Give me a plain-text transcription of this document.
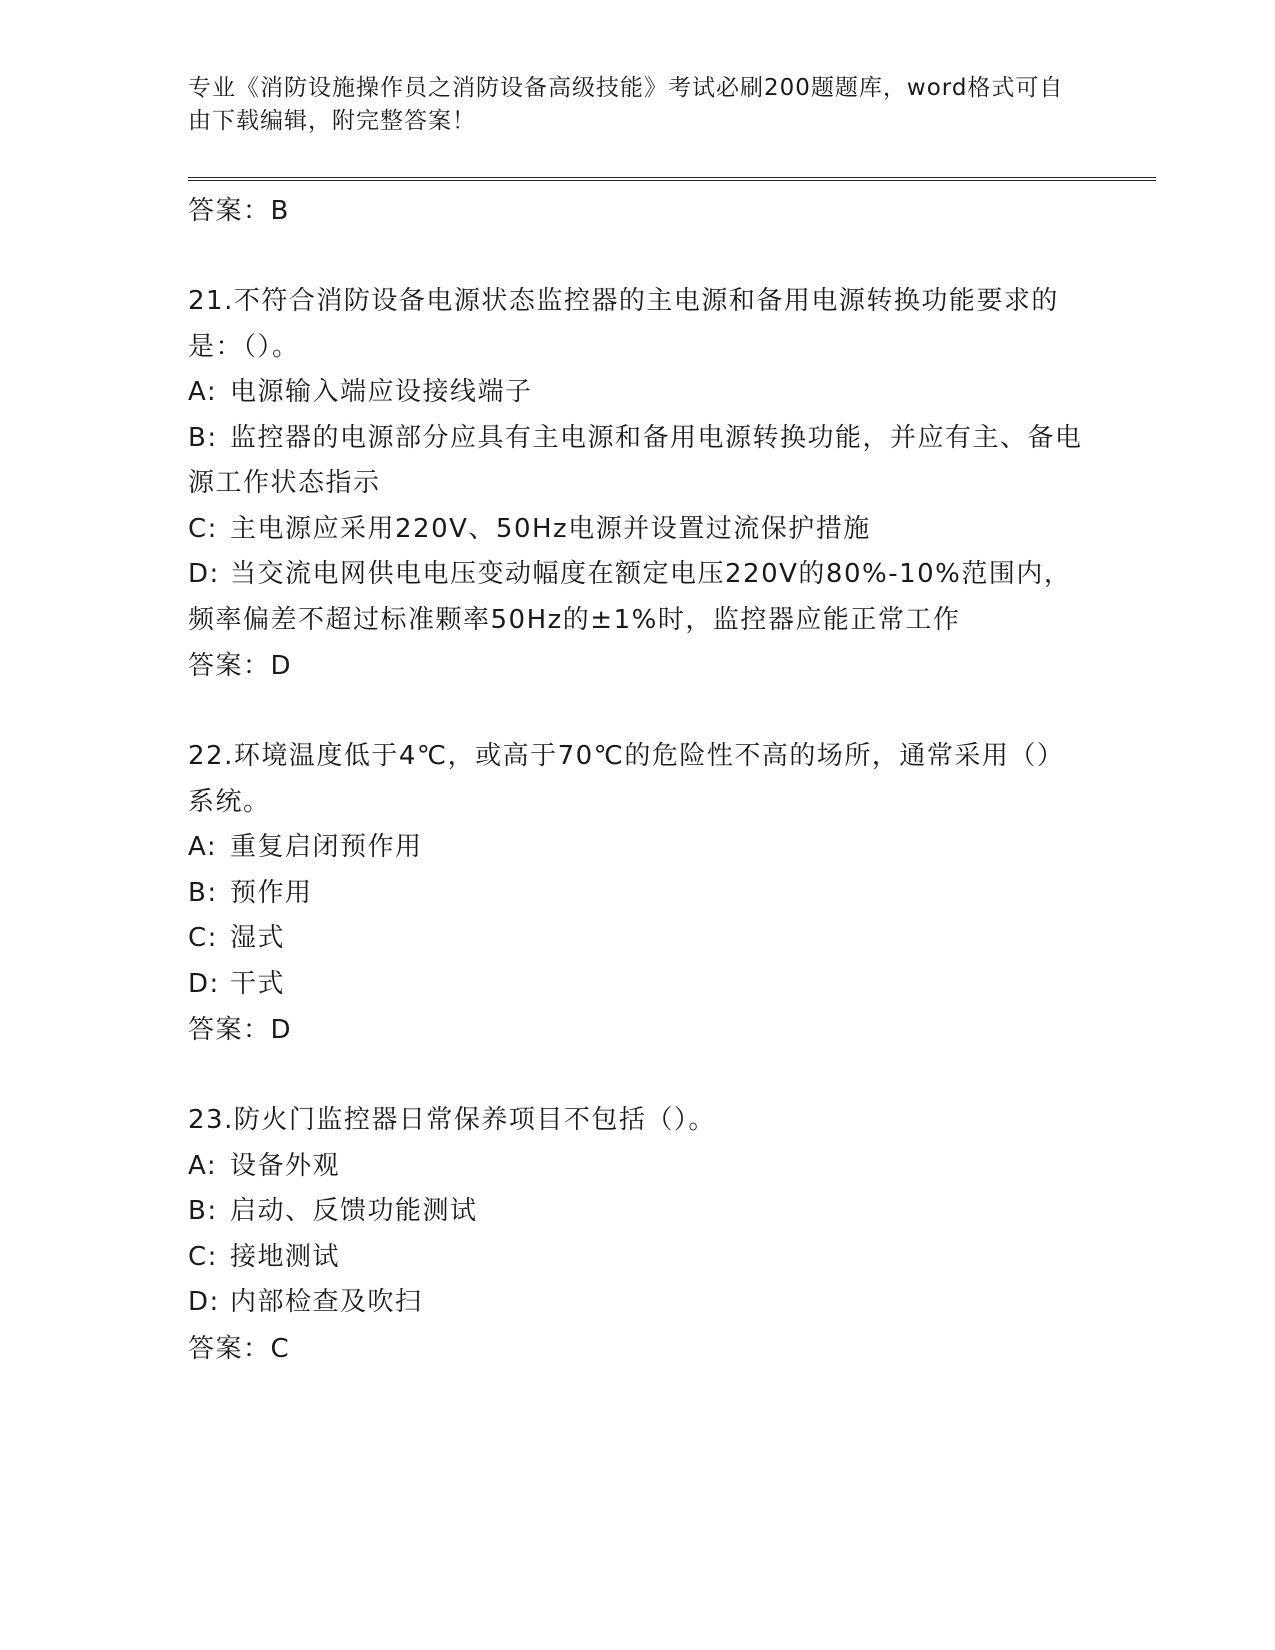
专业《消防设施操作员之消防设备高级技能》考试必刷200题题库，word格式可自由下载编辑，附完整答案！
答案：B
21.不符合消防设备电源状态监控器的主电源和备用电源转换功能要求的是：（）。
A: 电源输入端应设接线端子
B: 监控器的电源部分应具有主电源和备用电源转换功能，并应有主、备电源工作状态指示
C: 主电源应采用220V、50Hz电源并设置过流保护措施
D: 当交流电网供电电压变动幅度在额定电压220V的80%-10%范围内，频率偏差不超过标准颗率50Hz的±1%时，监控器应能正常工作
答案：D
22.环境温度低于4℃，或高于70℃的危险性不高的场所，通常采用（）系统。
A: 重复启闭预作用
B: 预作用
C: 湿式
D: 干式
答案：D
23.防火门监控器日常保养项目不包括（）。
A: 设备外观
B: 启动、反馈功能测试
C: 接地测试
D: 内部检查及吹扫
答案：C
